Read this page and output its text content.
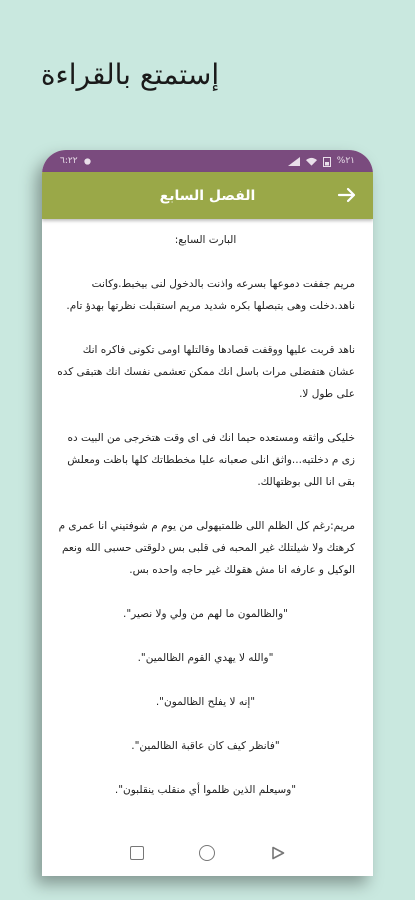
إستمتع بالقراءة
٦:٢٢	%٢١
الفصل السابع

البارت السابع:

مريم جففت دموعها بسرعه واذنت بالدخول لنى بيخبط.وكانت ناهد.دخلت وهى بتبصلها بكره شديد مريم استقبلت نظرتها بهدؤ تام.

ناهد قربت عليها ووقفت قصادها وقالتلها اومى تكونى فاكره انك عشان هتفضلى مرات باسل انك ممكن تعشمى نفسك انك هتبقى كده على طول لا.

خليكى واثقه ومستعده حيما انك فى اى وقت هتخرجى من البيت ده زى م دخلتيه...واثق انلى صعبانه عليا مخططاتك كلها باظت ومعلش بقى انا اللى بوظتهالك.

مريم:رغم كل الظلم اللى ظلمتيهولى من يوم م شوفتيني انا عمرى م كرهتك ولا شيلتلك غير المحبه فى قلبى بس دلوقتى حسبى الله ونعم الوكيل و عارفه انا مش هقولك غير حاجه واحده بس.

"والظالمون ما لهم من ولي ولا نصير".

"والله لا يهدي القوم الظالمين".

"إنه لا يفلح الظالمون".

"فانظر كيف كان عاقبة الظالمين".

"وسيعلم الذين ظلموا أي منقلب ينقلبون".
